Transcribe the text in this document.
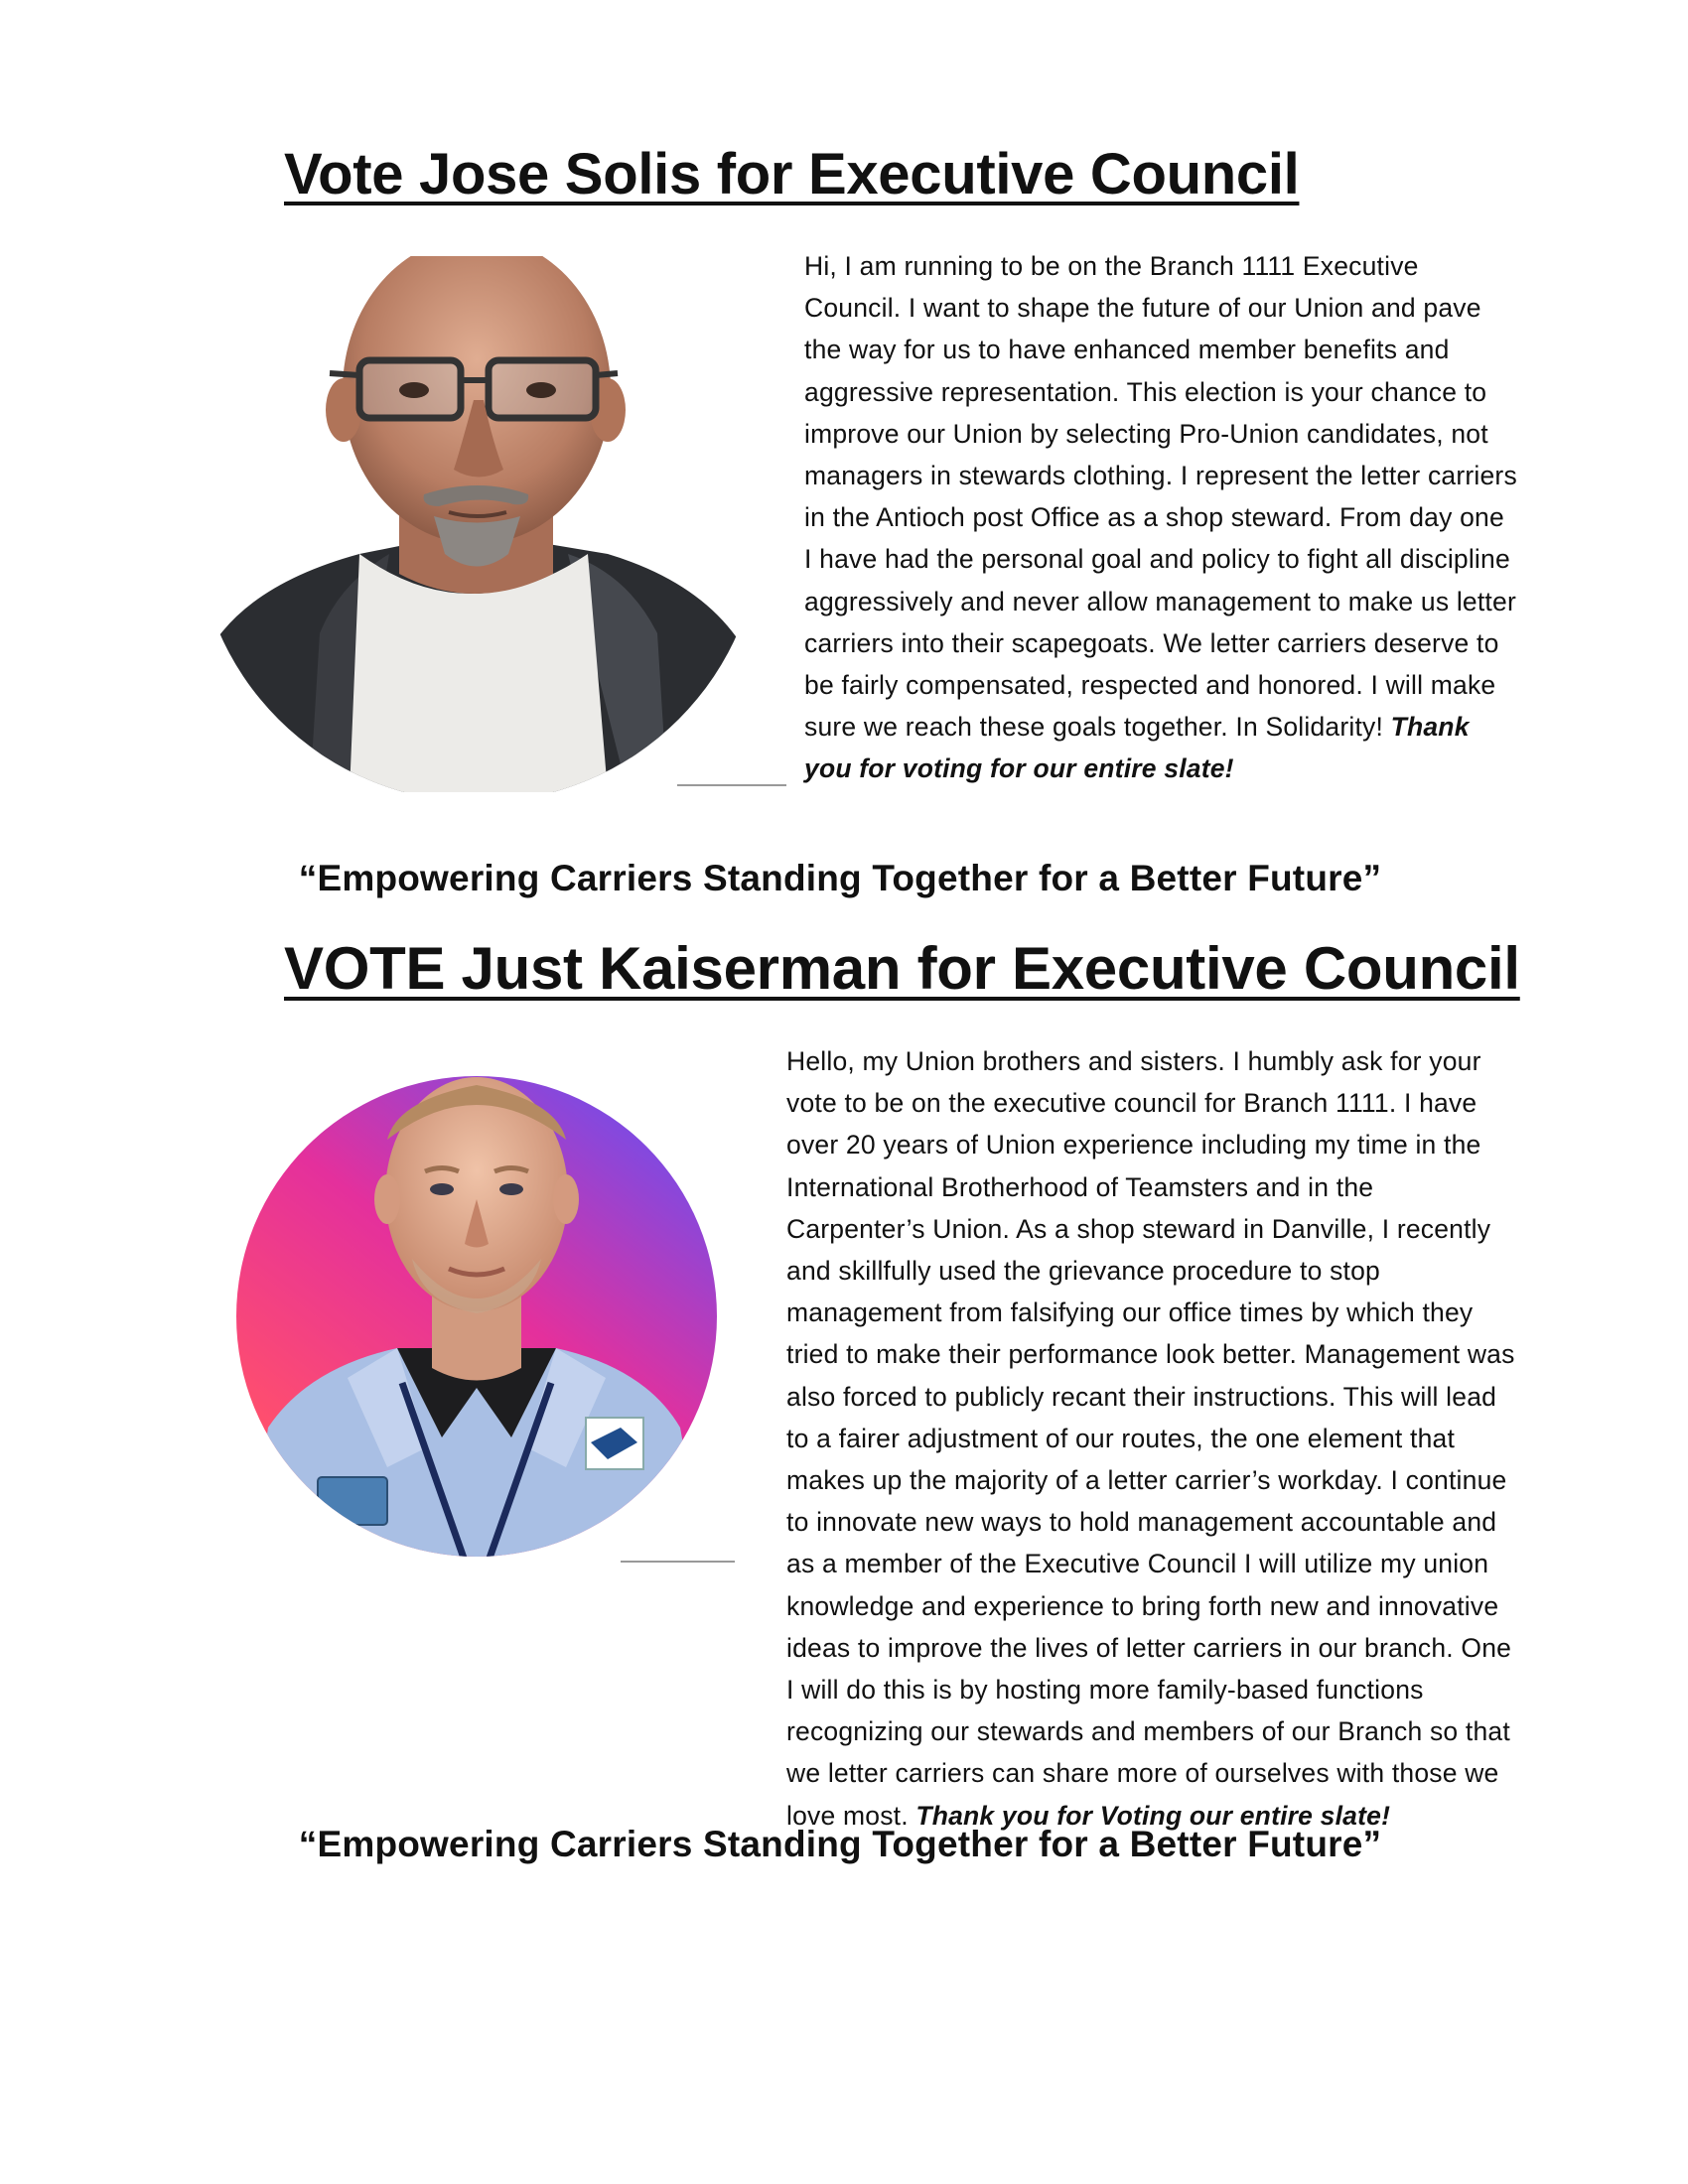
Vote Jose Solis for Executive Council

Hi, I am running to be on the Branch 1111 Executive Council. I want to shape the future of our Union and pave the way for us to have enhanced member benefits and aggressive representation. This election is your chance to improve our Union by selecting Pro-Union candidates, not managers in stewards clothing. I represent the letter carriers in the Antioch post Office as a shop steward. From day one I have had the personal goal and policy to fight all discipline aggressively and never allow management to make us letter carriers into their scapegoats. We letter carriers deserve to be fairly compensated, respected and honored. I will make sure we reach these goals together. In Solidarity! Thank you for voting for our entire slate!

“Empowering Carriers Standing Together for a Better Future”
VOTE Just Kaiserman for Executive Council

Hello, my Union brothers and sisters. I humbly ask for your vote to be on the executive council for Branch 1111. I have over 20 years of Union experience including my time in the International Brotherhood of Teamsters and in the Carpenter’s Union. As a shop steward in Danville, I recently and skillfully used the grievance procedure to stop management from falsifying our office times by which they tried to make their performance look better. Management was also forced to publicly recant their instructions. This will lead to a fairer adjustment of our routes, the one element that makes up the majority of a letter carrier’s workday. I continue to innovate new ways to hold management accountable and as a member of the Executive Council I will utilize my union knowledge and experience to bring forth new and innovative ideas to improve the lives of letter carriers in our branch. One I will do this is by hosting more family-based functions recognizing our stewards and members of our Branch so that we letter carriers can share more of ourselves with those we love most. Thank you for Voting our entire slate!

“Empowering Carriers Standing Together for a Better Future”
